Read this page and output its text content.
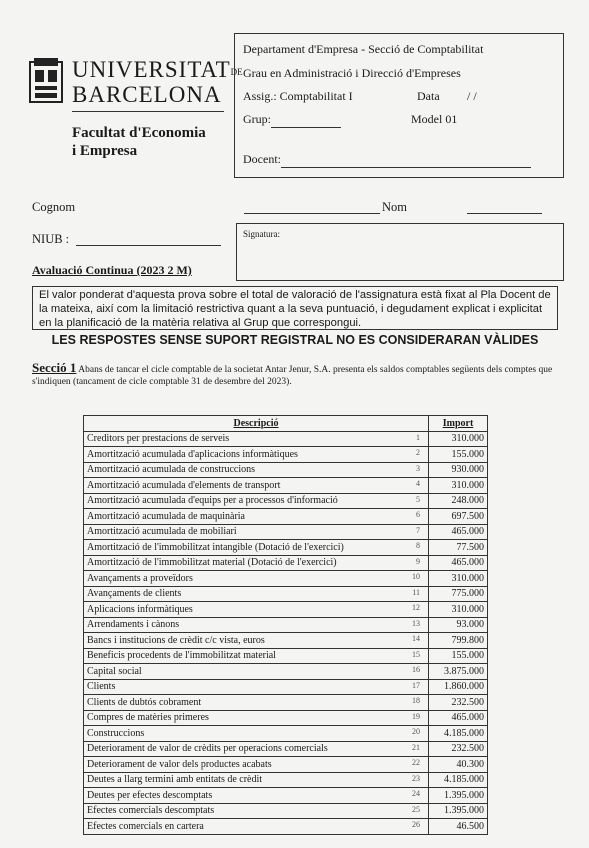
UNIVERSITATDE
BARCELONA
Facultat d'Economia
i Empresa
Departament d'Empresa - Secció de Comptabilitat
Grau en Administració i Direcció d'Empreses
Assig.: Comptabilitat I	Data / /
Grup:	Model 01
Docent:
Cognom	Nom
NIUB :	Signatura:
Avaluació Continua (2023 2 M)
El valor ponderat d'aquesta prova sobre el total de valoració de l'assignatura està fixat al Pla Docent de la mateixa, així com la limitació restrictiva quant a la seva puntuació, i degudament explicat i explicitat en la planificació de la matèria relativa al Grup que correspongui.
LES RESPOSTES SENSE SUPORT REGISTRAL NO ES CONSIDERARAN VÀLIDES
Secció 1 Abans de tancar el cicle comptable de la societat Antar Jenur, S.A. presenta els saldos comptables següents dels comptes que s'indiquen (tancament de cicle comptable 31 de desembre del 2023).
Descripció	Import
Creditors per prestacions de serveis 1	310.000
Amortització acumulada d'aplicacions informàtiques 2	155.000
Amortització acumulada de construccions 3	930.000
Amortització acumulada d'elements de transport 4	310.000
Amortització acumulada d'equips per a processos d'informació 5	248.000
Amortització acumulada de maquinària 6	697.500
Amortització acumulada de mobiliari 7	465.000
Amortització de l'immobilitzat intangible (Dotació de l'exercici) 8	77.500
Amortització de l'immobilitzat material (Dotació de l'exercici) 9	465.000
Avançaments a proveïdors 10	310.000
Avançaments de clients 11	775.000
Aplicacions informàtiques 12	310.000
Arrendaments i cànons 13	93.000
Bancs i institucions de crèdit c/c vista, euros 14	799.800
Beneficis procedents de l'immobilitzat material 15	155.000
Capital social 16	3.875.000
Clients 17	1.860.000
Clients de dubtós cobrament 18	232.500
Compres de matèries primeres 19	465.000
Construccions 20	4.185.000
Deteriorament de valor de crèdits per operacions comercials 21	232.500
Deteriorament de valor dels productes acabats 22	40.300
Deutes a llarg termini amb entitats de crèdit 23	4.185.000
Deutes per efectes descomptats 24	1.395.000
Efectes comercials descomptats 25	1.395.000
Efectes comercials en cartera 26	46.500
